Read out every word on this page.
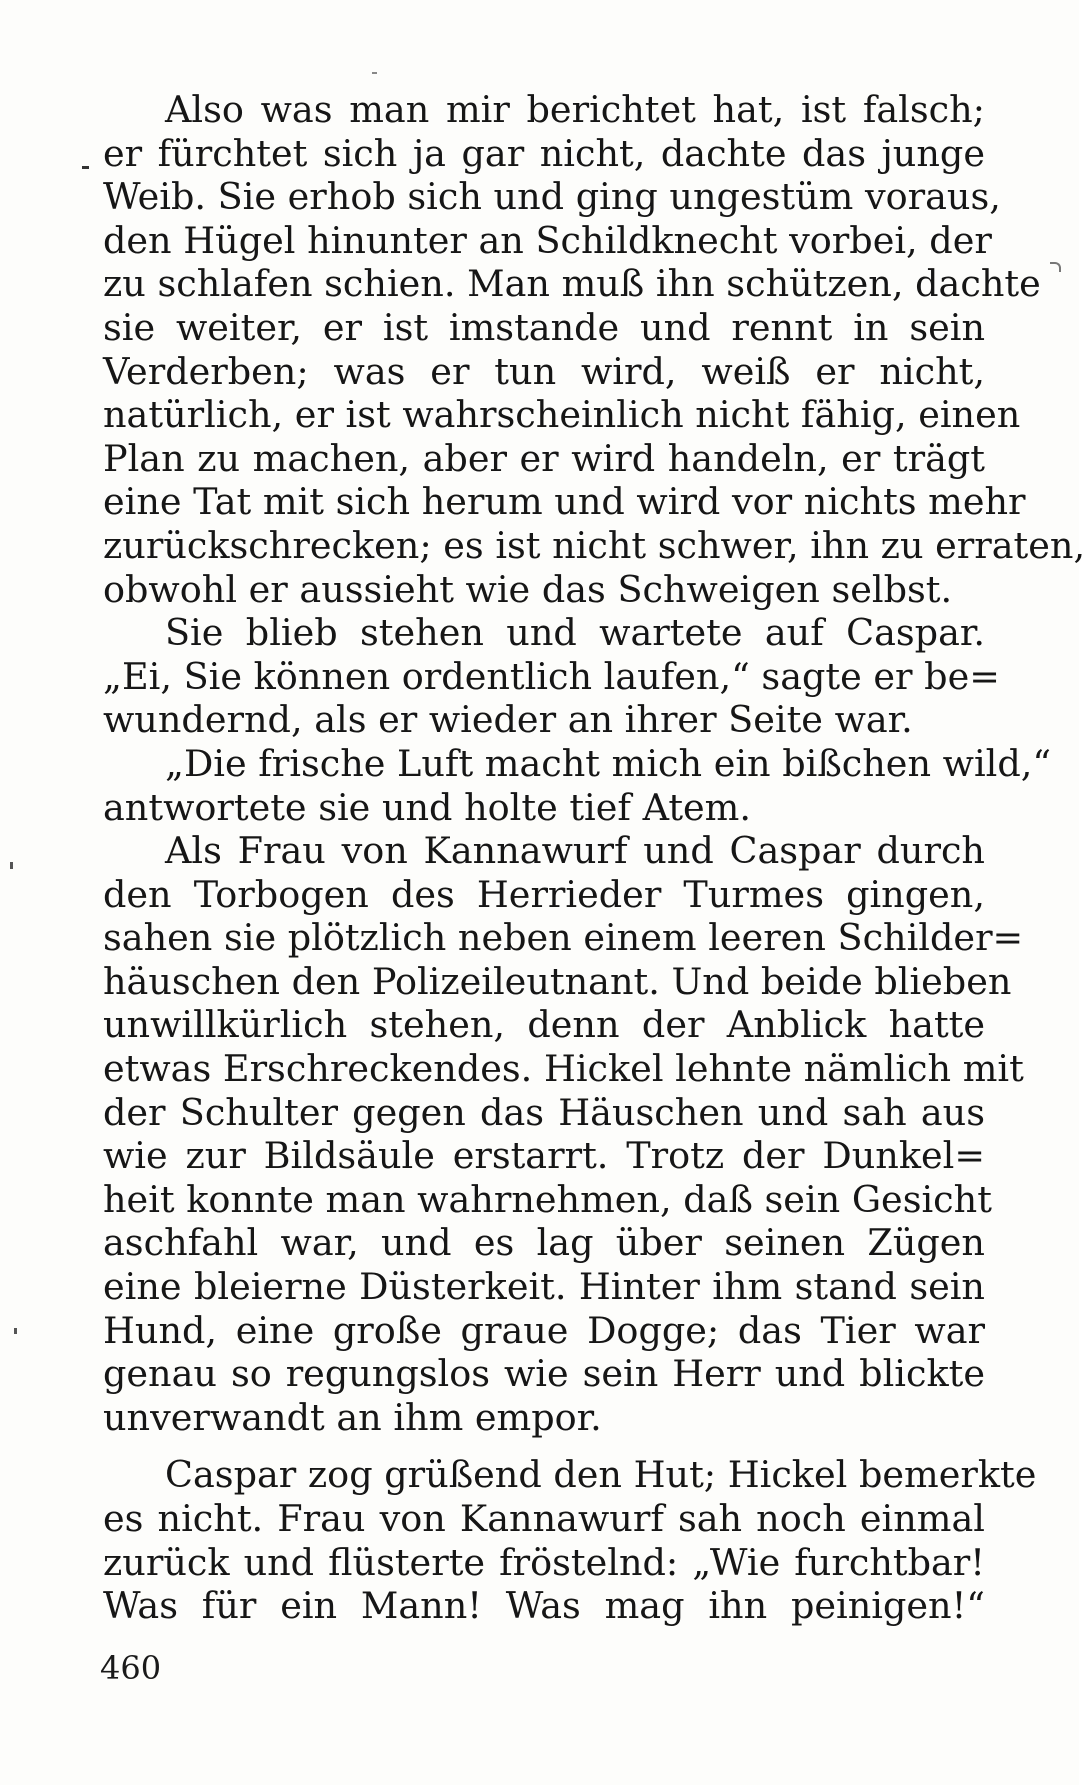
Also was man mir berichtet hat, ist falsch;
er fürchtet sich ja gar nicht, dachte das junge
Weib. Sie erhob sich und ging ungestüm voraus,
den Hügel hinunter an Schildknecht vorbei, der
zu schlafen schien. Man muß ihn schützen, dachte
sie weiter, er ist imstande und rennt in sein
Verderben; was er tun wird, weiß er nicht,
natürlich, er ist wahrscheinlich nicht fähig, einen
Plan zu machen, aber er wird handeln, er trägt
eine Tat mit sich herum und wird vor nichts mehr
zurückschrecken; es ist nicht schwer, ihn zu erraten,
obwohl er aussieht wie das Schweigen selbst.
Sie blieb stehen und wartete auf Caspar.
„Ei, Sie können ordentlich laufen,“ sagte er be=
wundernd, als er wieder an ihrer Seite war.
„Die frische Luft macht mich ein bißchen wild,“
antwortete sie und holte tief Atem.
Als Frau von Kannawurf und Caspar durch
den Torbogen des Herrieder Turmes gingen,
sahen sie plötzlich neben einem leeren Schilder=
häuschen den Polizeileutnant. Und beide blieben
unwillkürlich stehen, denn der Anblick hatte
etwas Erschreckendes. Hickel lehnte nämlich mit
der Schulter gegen das Häuschen und sah aus
wie zur Bildsäule erstarrt. Trotz der Dunkel=
heit konnte man wahrnehmen, daß sein Gesicht
aschfahl war, und es lag über seinen Zügen
eine bleierne Düsterkeit. Hinter ihm stand sein
Hund, eine große graue Dogge; das Tier war
genau so regungslos wie sein Herr und blickte
unverwandt an ihm empor.
Caspar zog grüßend den Hut; Hickel bemerkte
es nicht. Frau von Kannawurf sah noch einmal
zurück und flüsterte fröstelnd: „Wie furchtbar!
Was für ein Mann! Was mag ihn peinigen!“
460
